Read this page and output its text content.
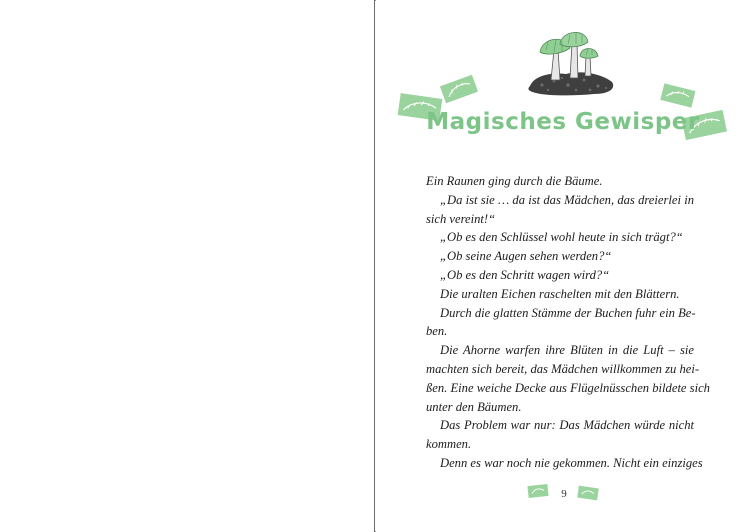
Magisches Gewisper
Ein Raunen ging durch die Bäume.
„Da ist sie … da ist das Mädchen, das dreierlei in
sich vereint!“
„Ob es den Schlüssel wohl heute in sich trägt?“
„Ob seine Augen sehen werden?“
„Ob es den Schritt wagen wird?“
Die uralten Eichen raschelten mit den Blättern.
Durch die glatten Stämme der Buchen fuhr ein Be-
ben.
Die Ahorne warfen ihre Blüten in die Luft – sie
machten sich bereit, das Mädchen willkommen zu hei-
ßen. Eine weiche Decke aus Flügelnüsschen bildete sich
unter den Bäumen.
Das Problem war nur: Das Mädchen würde nicht
kommen.
Denn es war noch nie gekommen. Nicht ein einziges
9
